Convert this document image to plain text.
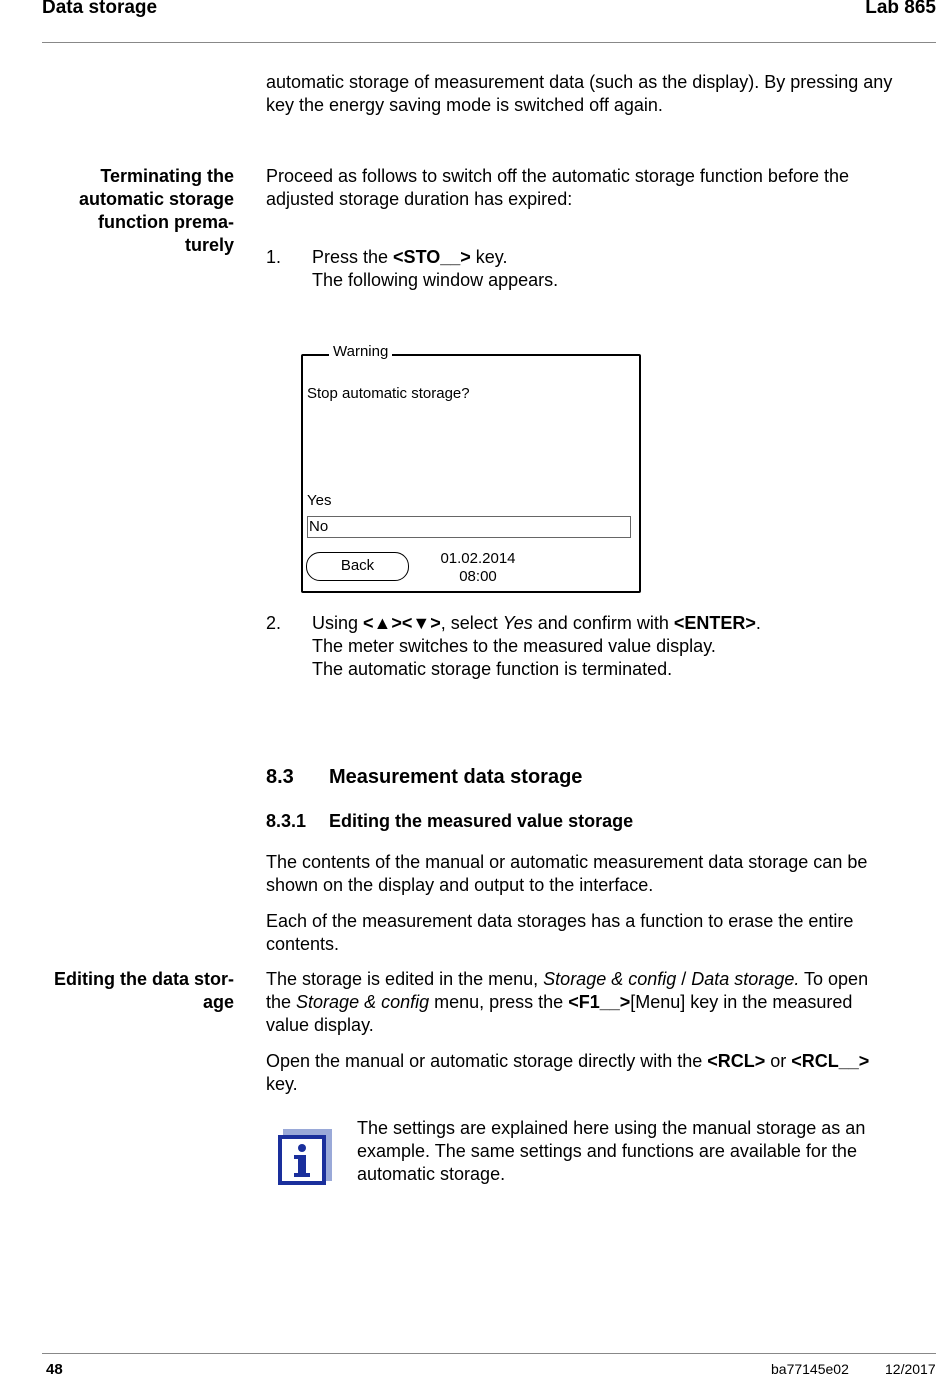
Data storage	Lab 865
automatic storage of measurement data (such as the display). By pressing any
key the energy saving mode is switched off again.
Terminating the
automatic storage
function prema-
turely
Proceed as follows to switch off the automatic storage function before the
adjusted storage duration has expired:
1. Press the <STO__> key.
The following window appears.
Warning
Stop automatic storage?
Yes
No
Back	01.02.2014
08:00
2. Using <▲><▼>, select Yes and confirm with <ENTER>.
The meter switches to the measured value display.
The automatic storage function is terminated.
8.3 Measurement data storage
8.3.1 Editing the measured value storage
The contents of the manual or automatic measurement data storage can be
shown on the display and output to the interface.
Each of the measurement data storages has a function to erase the entire
contents.
Editing the data stor-
age
The storage is edited in the menu, Storage & config / Data storage. To open
the Storage & config menu, press the <F1__>[Menu] key in the measured
value display.
Open the manual or automatic storage directly with the <RCL> or <RCL__>
key.
The settings are explained here using the manual storage as an
example. The same settings and functions are available for the
automatic storage.
48	ba77145e02	12/2017
